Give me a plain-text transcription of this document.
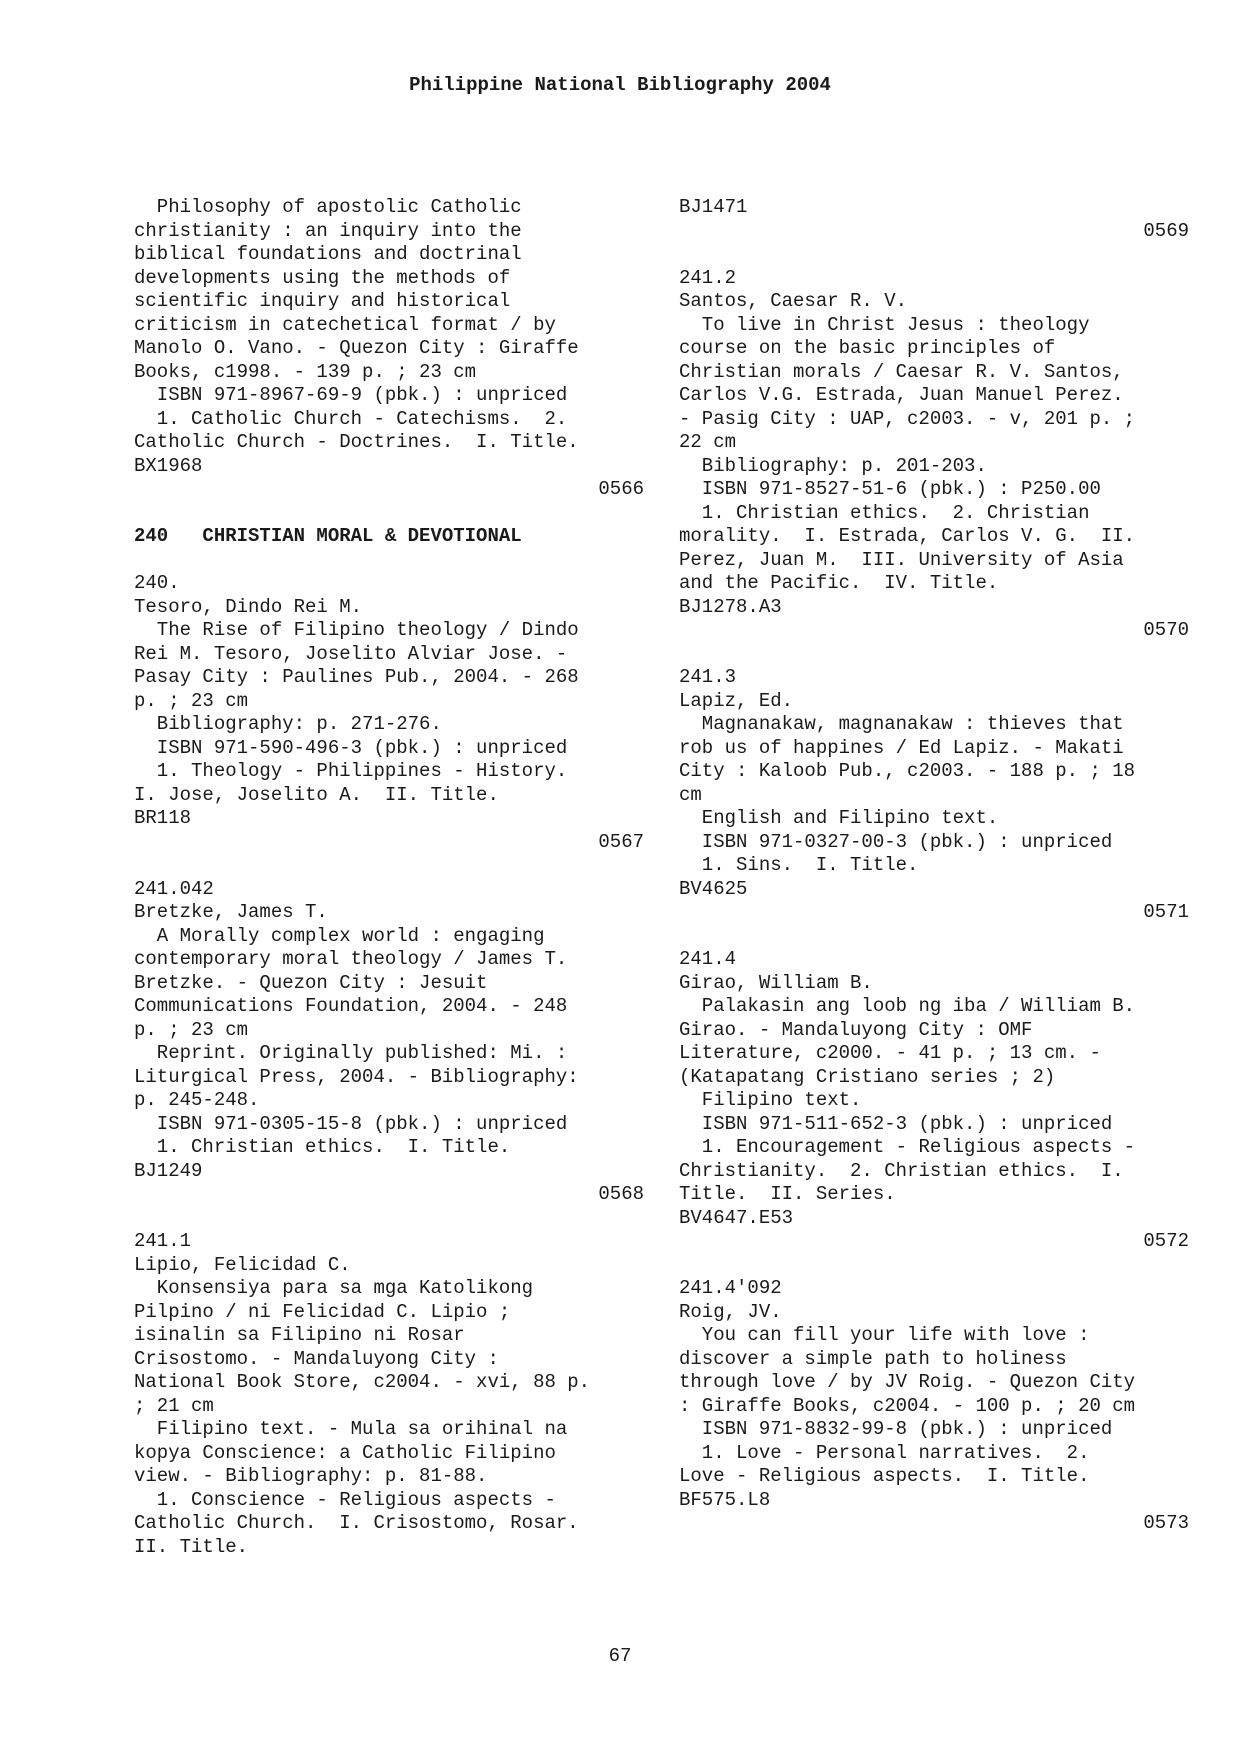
Philippine National Bibliography 2004
Philosophy of apostolic Catholic
christianity : an inquiry into the
biblical foundations and doctrinal
developments using the methods of
scientific inquiry and historical
criticism in catechetical format / by
Manolo O. Vano. - Quezon City : Giraffe
Books, c1998. - 139 p. ; 23 cm
ISBN 971-8967-69-9 (pbk.) : unpriced
1. Catholic Church - Catechisms.  2.
Catholic Church - Doctrines.  I. Title.
BX1968
0566
240   CHRISTIAN MORAL & DEVOTIONAL
240.
Tesoro, Dindo Rei M.
The Rise of Filipino theology / Dindo
Rei M. Tesoro, Joselito Alviar Jose. -
Pasay City : Paulines Pub., 2004. - 268
p. ; 23 cm
Bibliography: p. 271-276.
ISBN 971-590-496-3 (pbk.) : unpriced
1. Theology - Philippines - History.
I. Jose, Joselito A.  II. Title.
BR118
0567
241.042
Bretzke, James T.
A Morally complex world : engaging
contemporary moral theology / James T.
Bretzke. - Quezon City : Jesuit
Communications Foundation, 2004. - 248
p. ; 23 cm
Reprint. Originally published: Mi. :
Liturgical Press, 2004. - Bibliography:
p. 245-248.
ISBN 971-0305-15-8 (pbk.) : unpriced
1. Christian ethics.  I. Title.
BJ1249
0568
241.1
Lipio, Felicidad C.
Konsensiya para sa mga Katolikong
Pilpino / ni Felicidad C. Lipio ;
isinalin sa Filipino ni Rosar
Crisostomo. - Mandaluyong City :
National Book Store, c2004. - xvi, 88 p.
; 21 cm
Filipino text. - Mula sa orihinal na
kopya Conscience: a Catholic Filipino
view. - Bibliography: p. 81-88.
1. Conscience - Religious aspects -
Catholic Church.  I. Crisostomo, Rosar.
II. Title.
BJ1471
0569
241.2
Santos, Caesar R. V.
To live in Christ Jesus : theology
course on the basic principles of
Christian morals / Caesar R. V. Santos,
Carlos V.G. Estrada, Juan Manuel Perez.
- Pasig City : UAP, c2003. - v, 201 p. ;
22 cm
Bibliography: p. 201-203.
ISBN 971-8527-51-6 (pbk.) : P250.00
1. Christian ethics.  2. Christian
morality.  I. Estrada, Carlos V. G.  II.
Perez, Juan M.  III. University of Asia
and the Pacific.  IV. Title.
BJ1278.A3
0570
241.3
Lapiz, Ed.
Magnanakaw, magnanakaw : thieves that
rob us of happines / Ed Lapiz. - Makati
City : Kaloob Pub., c2003. - 188 p. ; 18
cm
English and Filipino text.
ISBN 971-0327-00-3 (pbk.) : unpriced
1. Sins.  I. Title.
BV4625
0571
241.4
Girao, William B.
Palakasin ang loob ng iba / William B.
Girao. - Mandaluyong City : OMF
Literature, c2000. - 41 p. ; 13 cm. -
(Katapatang Cristiano series ; 2)
Filipino text.
ISBN 971-511-652-3 (pbk.) : unpriced
1. Encouragement - Religious aspects -
Christianity.  2. Christian ethics.  I.
Title.  II. Series.
BV4647.E53
0572
241.4'092
Roig, JV.
You can fill your life with love :
discover a simple path to holiness
through love / by JV Roig. - Quezon City
: Giraffe Books, c2004. - 100 p. ; 20 cm
ISBN 971-8832-99-8 (pbk.) : unpriced
1. Love - Personal narratives.  2.
Love - Religious aspects.  I. Title.
BF575.L8
0573
67
